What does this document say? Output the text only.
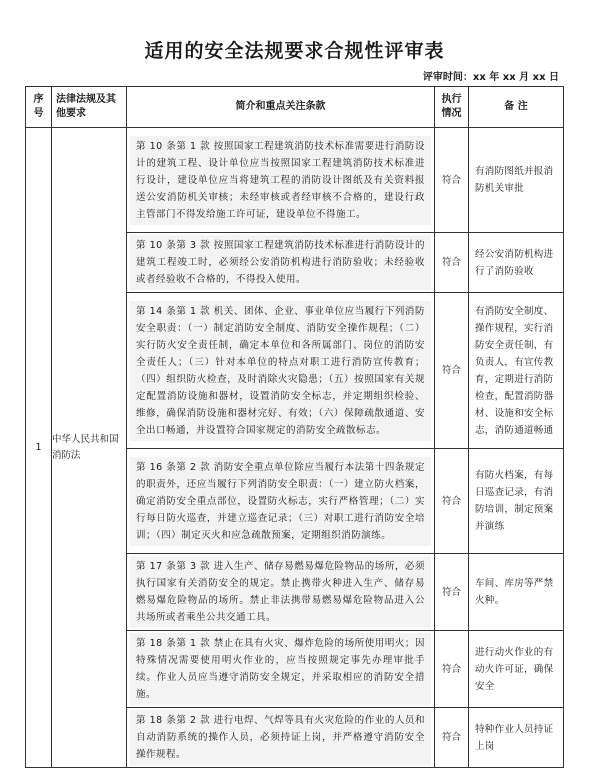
适用的安全法规要求合规性评审表
评审时间：xx 年 xx 月 xx 日
序号	法律法规及其他要求	简介和重点关注条款	执行情况	备 注

1	中华人民共和国消防法	第 10 条第 1 款 按照国家工程建筑消防技术标准需要进行消防设计的建筑工程、设计单位应当按照国家工程建筑消防技术标准进行设计，建设单位应当将建筑工程的消防设计图纸及有关资料报送公安消防机关审核；未经审核或者经审核不合格的，建设行政主管部门不得发给施工许可证，建设单位不得施工。	符合	有消防图纸并报消防机关审批

		第 10 条第 3 款 按照国家工程建筑消防技术标准进行消防设计的建筑工程竣工时，必须经公安消防机构进行消防验收；未经验收或者经验收不合格的，不得投入使用。	符合	经公安消防机构进行了消防验收

		第 14 条第 1 款 机关、团体、企业、事业单位应当履行下列消防安全职责：（一）制定消防安全制度、消防安全操作规程；（二）实行防火安全责任制，确定本单位和各所属部门、岗位的消防安全责任人；（三）针对本单位的特点对职工进行消防宣传教育；（四）组织防火检查，及时消除火灾隐患；（五）按照国家有关规定配置消防设施和器材，设置消防安全标志，并定期组织检验、维修，确保消防设施和器材完好、有效；（六）保障疏散通道、安全出口畅通，并设置符合国家规定的消防安全疏散标志。	符合	有消防安全制度、操作规程，实行消防安全责任制，有负责人，有宣传教育，定期进行消防检查，配置消防器材、设施和安全标志，消防通道畅通

		第 16 条第 2 款 消防安全重点单位除应当履行本法第十四条规定的职责外，还应当履行下列消防安全职责：（一）建立防火档案，确定消防安全重点部位，设置防火标志，实行严格管理；（二）实行每日防火巡查，并建立巡查记录；（三）对职工进行消防安全培训；（四）制定灭火和应急疏散预案，定期组织消防演练。	符合	有防火档案，有每日巡查记录，有消防培训，制定预案并演练

		第 17 条第 3 款 进入生产、储存易燃易爆危险物品的场所，必须执行国家有关消防安全的规定。禁止携带火种进入生产、储存易燃易爆危险物品的场所。禁止非法携带易燃易爆危险物品进入公共场所或者乘坐公共交通工具。	符合	车间、库房等严禁火种。

		第 18 条第 1 款 禁止在具有火灾、爆炸危险的场所使用明火；因特殊情况需要使用明火作业的，应当按照规定事先办理审批手续。作业人员应当遵守消防安全规定，并采取相应的消防安全措施。	符合	进行动火作业的有动火许可证，确保安全

		第 18 条第 2 款 进行电焊、气焊等具有火灾危险的作业的人员和自动消防系统的操作人员，必须持证上岗，并严格遵守消防安全操作规程。	符合	特种作业人员持证上岗
